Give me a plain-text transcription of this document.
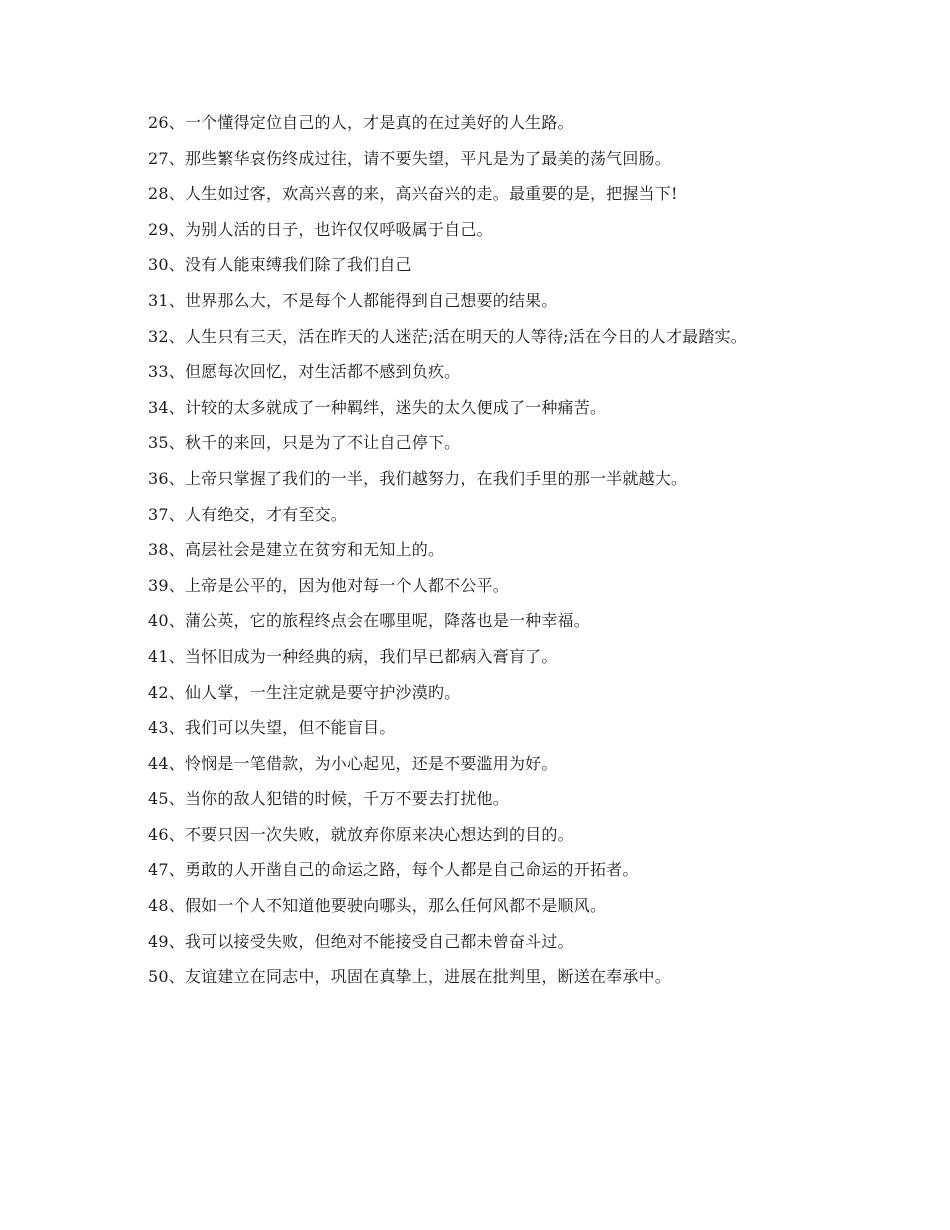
26、一个懂得定位自己的人，才是真的在过美好的人生路。
27、那些繁华哀伤终成过往，请不要失望，平凡是为了最美的荡气回肠。
28、人生如过客，欢高兴喜的来，高兴奋兴的走。最重要的是，把握当下!
29、为别人活的日子，也许仅仅呼吸属于自己。
30、没有人能束缚我们除了我们自己
31、世界那么大，不是每个人都能得到自己想要的结果。
32、人生只有三天，活在昨天的人迷茫;活在明天的人等待;活在今日的人才最踏实。
33、但愿每次回忆，对生活都不感到负疚。
34、计较的太多就成了一种羁绊，迷失的太久便成了一种痛苦。
35、秋千的来回，只是为了不让自己停下。
36、上帝只掌握了我们的一半，我们越努力，在我们手里的那一半就越大。
37、人有绝交，才有至交。
38、高层社会是建立在贫穷和无知上的。
39、上帝是公平的，因为他对每一个人都不公平。
40、蒲公英，它的旅程终点会在哪里呢，降落也是一种幸福。
41、当怀旧成为一种经典的病，我们早已都病入膏肓了。
42、仙人掌，一生注定就是要守护沙漠旳。
43、我们可以失望，但不能盲目。
44、怜悯是一笔借款，为小心起见，还是不要滥用为好。
45、当你的敌人犯错的时候，千万不要去打扰他。
46、不要只因一次失败，就放弃你原来决心想达到的目的。
47、勇敢的人开凿自己的命运之路，每个人都是自己命运的开拓者。
48、假如一个人不知道他要驶向哪头，那么任何风都不是顺风。
49、我可以接受失败，但绝对不能接受自己都未曾奋斗过。
50、友谊建立在同志中，巩固在真挚上，进展在批判里，断送在奉承中。
